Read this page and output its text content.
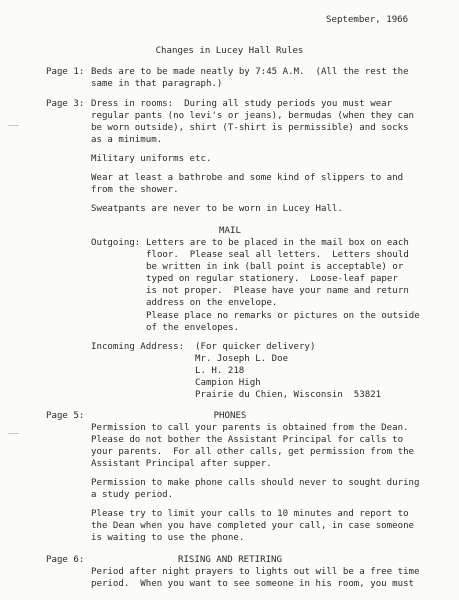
September, 1966
Changes in Lucey Hall Rules
Page 1: Beds are to be made neatly by 7:45 A.M.  (All the rest the
same in that paragraph.)
Page 3: Dress in rooms:  During all study periods you must wear
regular pants (no levi's or jeans), bermudas (when they can
be worn outside), shirt (T-shirt is permissible) and socks
as a minimum.
Military uniforms etc.
Wear at least a bathrobe and some kind of slippers to and
from the shower.
Sweatpants are never to be worn in Lucey Hall.
MAIL
Outgoing: Letters are to be placed in the mail box on each
floor.  Please seal all letters.  Letters should
be written in ink (ball point is acceptable) or
typed on regular stationery.  Loose-leaf paper
is not proper.  Please have your name and return
address on the envelope.
Please place no remarks or pictures on the outside
of the envelopes.
Incoming Address: (For quicker delivery)
Mr. Joseph L. Doe
L. H. 218
Campion High
Prairie du Chien, Wisconsin  53821
Page 5:	PHONES
Permission to call your parents is obtained from the Dean.
Please do not bother the Assistant Principal for calls to
your parents.  For all other calls, get permission from the
Assistant Principal after supper.
Permission to make phone calls should never to sought during
a study period.
Please try to limit your calls to 10 minutes and report to
the Dean when you have completed your call, in case someone
is waiting to use the phone.
Page 6:	RISING AND RETIRING
Period after night prayers to lights out will be a free time
period.  When you want to see someone in his room, you must
